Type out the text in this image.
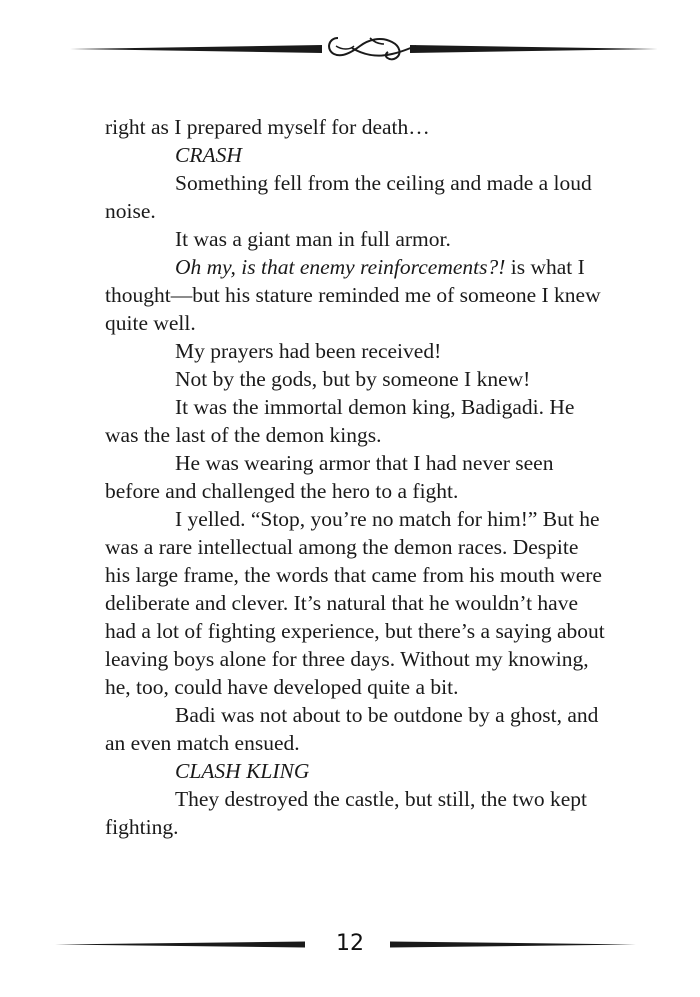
right as I prepared myself for death…

CRASH

Something fell from the ceiling and made a loud noise.

It was a giant man in full armor.

Oh my, is that enemy reinforcements?! is what I thought—but his stature reminded me of someone I knew quite well.

My prayers had been received!

Not by the gods, but by someone I knew!

It was the immortal demon king, Badigadi. He was the last of the demon kings.

He was wearing armor that I had never seen before and challenged the hero to a fight.

I yelled. “Stop, you’re no match for him!” But he was a rare intellectual among the demon races. Despite his large frame, the words that came from his mouth were deliberate and clever. It’s natural that he wouldn’t have had a lot of fighting experience, but there’s a saying about leaving boys alone for three days. Without my knowing, he, too, could have developed quite a bit.

Badi was not about to be outdone by a ghost, and an even match ensued.

CLASH KLING

They destroyed the castle, but still, the two kept fighting.

12
